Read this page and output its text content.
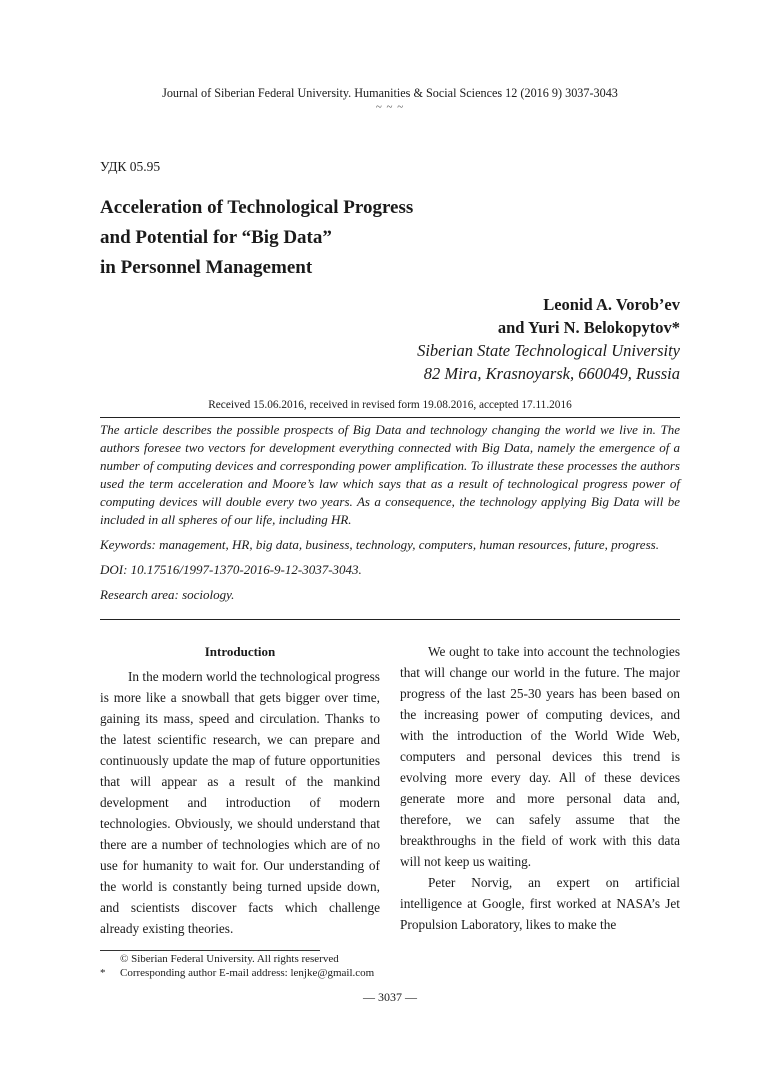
Journal of Siberian Federal University. Humanities & Social Sciences 12 (2016 9) 3037-3043
~ ~ ~
УДК 05.95
Acceleration of Technological Progress
and Potential for “Big Data”
in Personnel Management
Leonid A. Vorob’ev
and Yuri N. Belokopytov*
Siberian State Technological University
82 Mira, Krasnoyarsk, 660049, Russia
Received 15.06.2016, received in revised form 19.08.2016, accepted 17.11.2016

The article describes the possible prospects of Big Data and technology changing the world we live in. The authors foresee two vectors for development everything connected with Big Data, namely the emergence of a number of computing devices and corresponding power amplification. To illustrate these processes the authors used the term acceleration and Moore’s law which says that as a result of technological progress power of computing devices will double every two years. As a consequence, the technology applying Big Data will be included in all spheres of our life, including HR.

Keywords: management, HR, big data, business, technology, computers, human resources, future, progress.

DOI: 10.17516/1997-1370-2016-9-12-3037-3043.

Research area: sociology.

Introduction

In the modern world the technological progress is more like a snowball that gets bigger over time, gaining its mass, speed and circulation. Thanks to the latest scientific research, we can prepare and continuously update the map of future opportunities that will appear as a result of the mankind development and introduction of modern technologies. Obviously, we should understand that there are a number of technologies which are of no use for humanity to wait for. Our understanding of the world is constantly being turned upside down, and scientists discover facts which challenge already existing theories.

We ought to take into account the technologies that will change our world in the future. The major progress of the last 25-30 years has been based on the increasing power of computing devices, and with the introduction of the World Wide Web, computers and personal devices this trend is evolving more every day. All of these devices generate more and more personal data and, therefore, we can safely assume that the breakthroughs in the field of work with this data will not keep us waiting.

Peter Norvig, an expert on artificial intelligence at Google, first worked at NASA’s Jet Propulsion Laboratory, likes to make the

© Siberian Federal University. All rights reserved
* Corresponding author E-mail address: lenjke@gmail.com
— 3037 —
